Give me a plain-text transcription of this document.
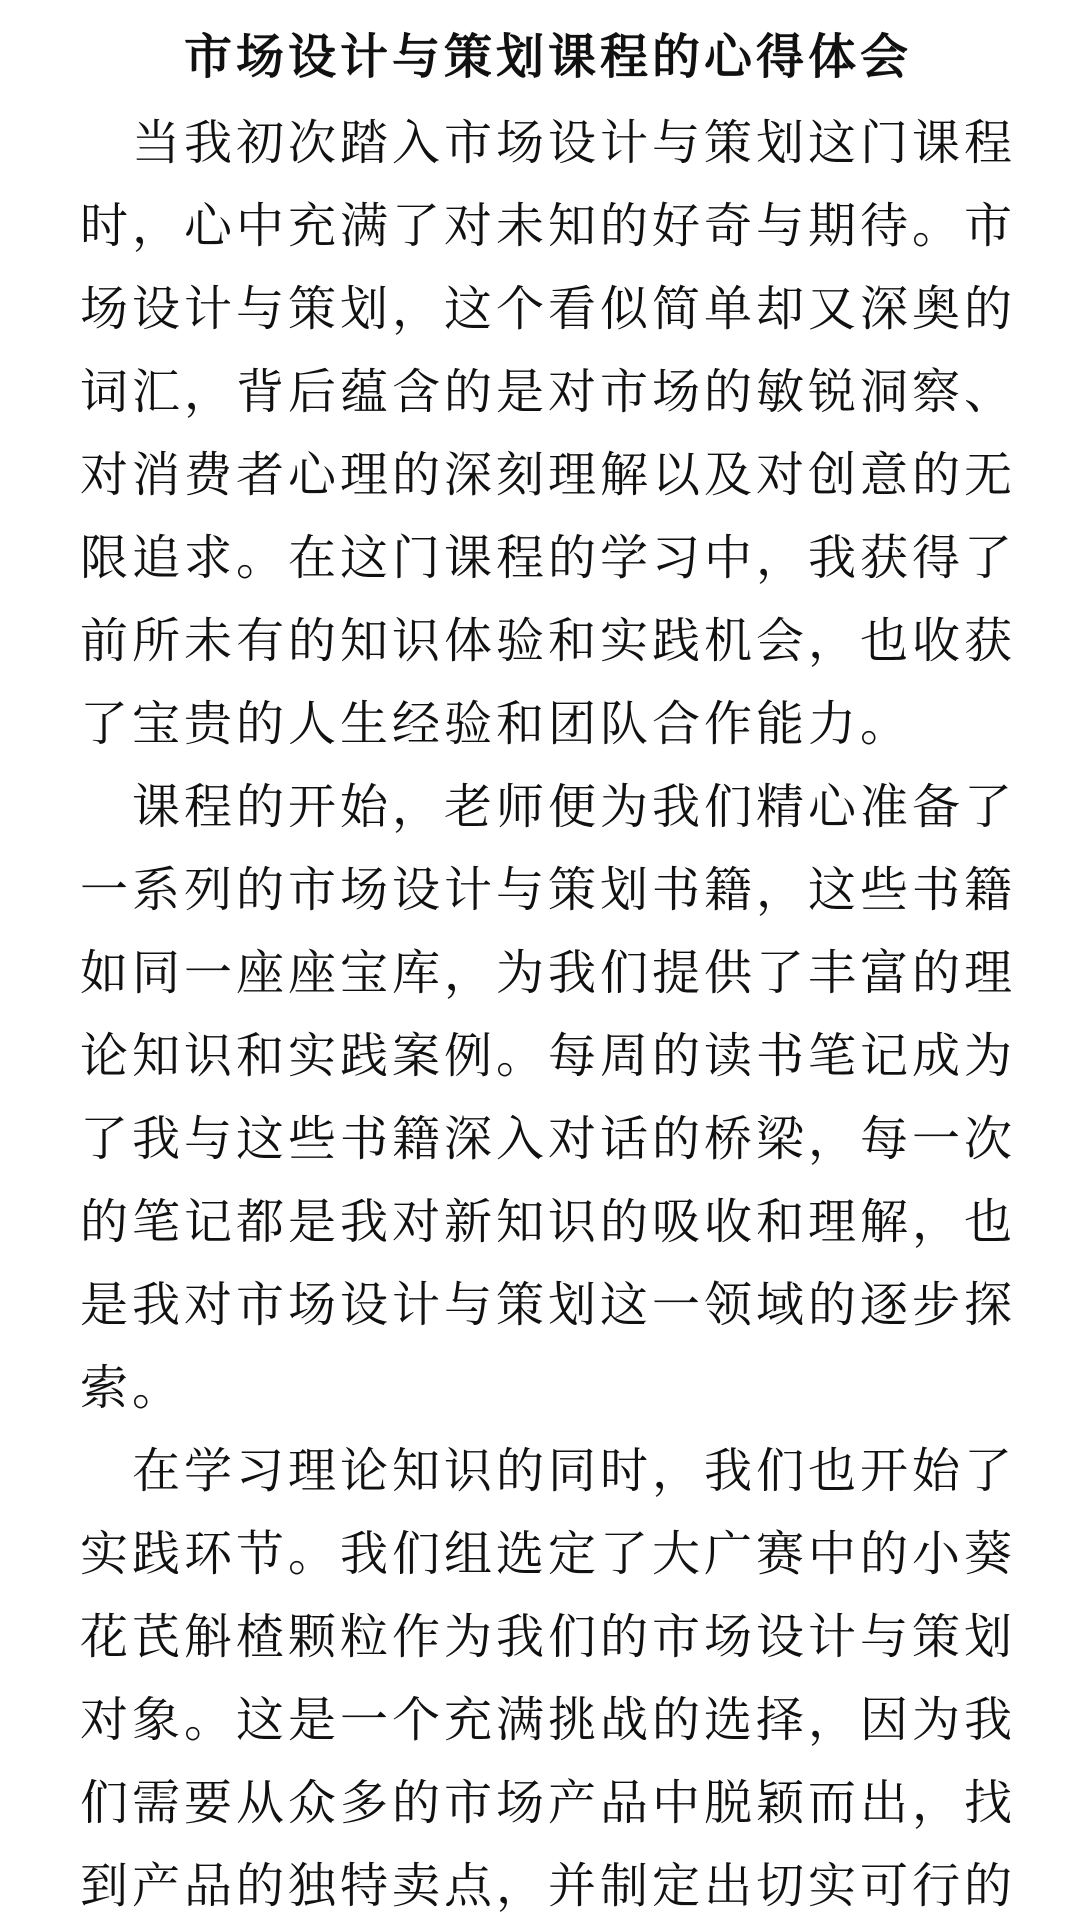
市场设计与策划课程的心得体会
　当我初次踏入市场设计与策划这门课程
时，心中充满了对未知的好奇与期待。市
场设计与策划，这个看似简单却又深奥的
词汇，背后蕴含的是对市场的敏锐洞察、
对消费者心理的深刻理解以及对创意的无
限追求。在这门课程的学习中，我获得了
前所未有的知识体验和实践机会，也收获
了宝贵的人生经验和团队合作能力。
　课程的开始，老师便为我们精心准备了
一系列的市场设计与策划书籍，这些书籍
如同一座座宝库，为我们提供了丰富的理
论知识和实践案例。每周的读书笔记成为
了我与这些书籍深入对话的桥梁，每一次
的笔记都是我对新知识的吸收和理解，也
是我对市场设计与策划这一领域的逐步探
索。
　在学习理论知识的同时，我们也开始了
实践环节。我们组选定了大广赛中的小葵
花芪斛楂颗粒作为我们的市场设计与策划
对象。这是一个充满挑战的选择，因为我
们需要从众多的市场产品中脱颖而出，找
到产品的独特卖点，并制定出切实可行的
